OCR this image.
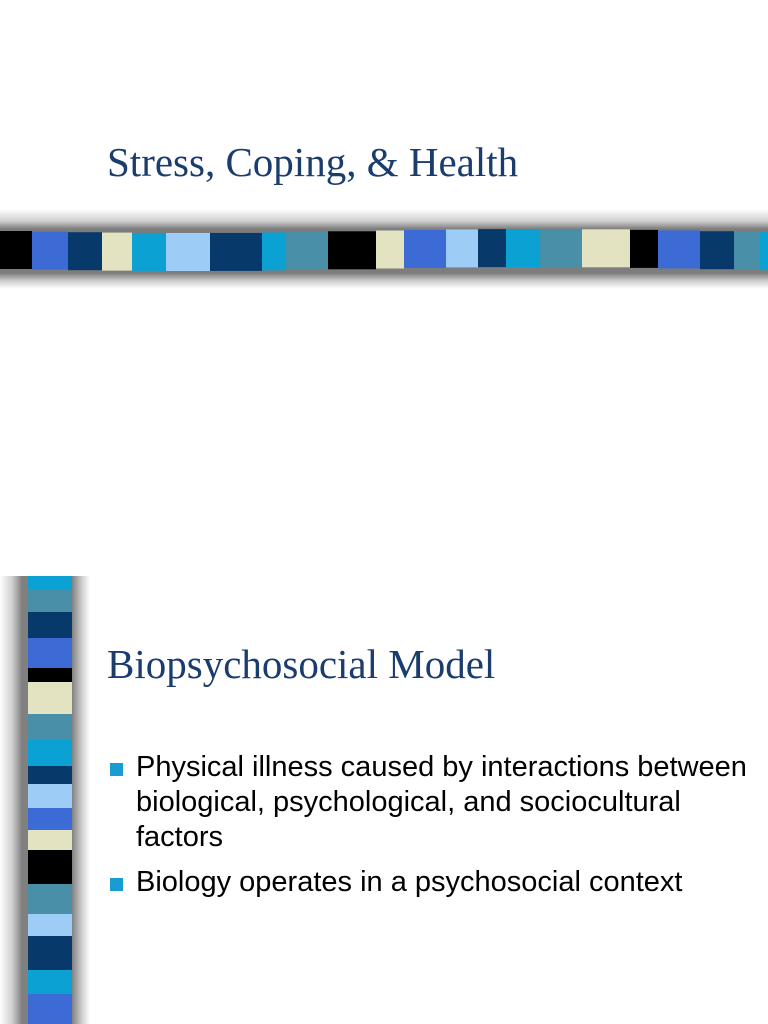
Stress, Coping, & Health
Biopsychosocial Model
Physical illness caused by interactions between biological, psychological, and sociocultural factors
Biology operates in a psychosocial context
